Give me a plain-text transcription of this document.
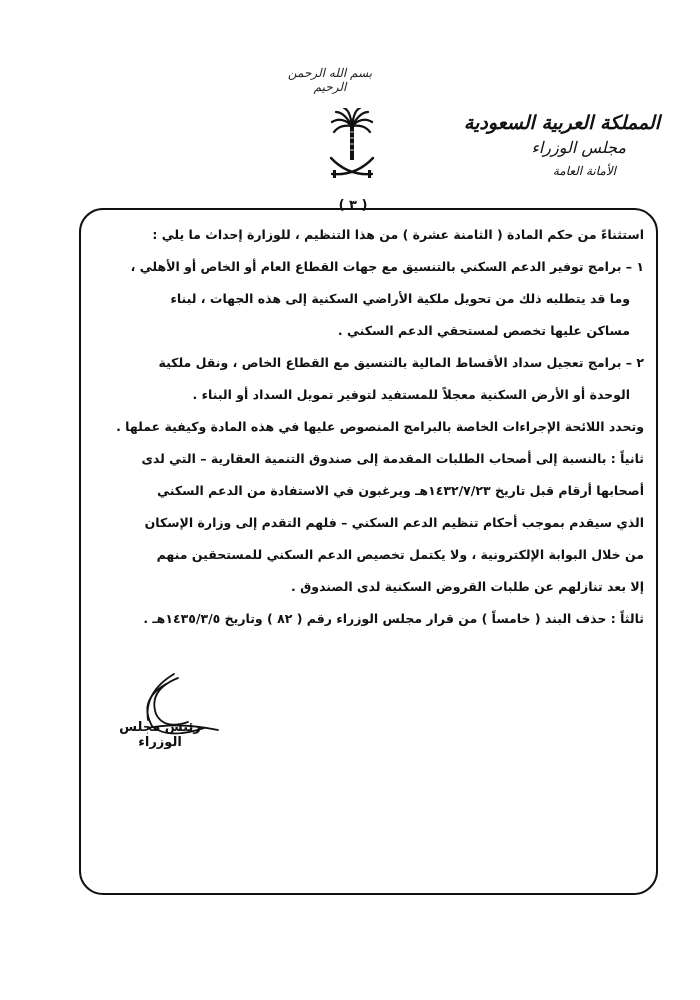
بسم الله الرحمن الرحيم
المملكة العربية السعودية
مجلس الوزراء
الأمانة العامة
( ٣ )

استثناءً من حكم المادة ( الثامنة عشرة ) من هذا التنظيم ، للوزارة إحداث ما يلي :

١ – برامج توفير الدعم السكني بالتنسيق مع جهات القطاع العام أو الخاص أو الأهلي ،

وما قد يتطلبه ذلك من تحويل ملكية الأراضي السكنية إلى هذه الجهات ، لبناء

مساكن عليها تخصص لمستحقي الدعم السكني .

٢ – برامج تعجيل سداد الأقساط المالية بالتنسيق مع القطاع الخاص ، ونقل ملكية

الوحدة أو الأرض السكنية معجلاً للمستفيد لتوفير تمويل السداد أو البناء .

وتحدد اللائحة الإجراءات الخاصة بالبرامج المنصوص عليها في هذه المادة وكيفية عملها .

ثانياً : بالنسبة إلى أصحاب الطلبات المقدمة إلى صندوق التنمية العقارية – التي لدى

أصحابها أرقام قبل تاريخ ١٤٣٢/٧/٢٣هـ ويرغبون في الاستفادة من الدعم السكني

الذي سيقدم بموجب أحكام تنظيم الدعم السكني – فلهم التقدم إلى وزارة الإسكان

من خلال البوابة الإلكترونية ، ولا يكتمل تخصيص الدعم السكني للمستحقين منهم

إلا بعد تنازلهم عن طلبات القروض السكنية لدى الصندوق .

ثالثاً : حذف البند ( خامساً ) من قرار مجلس الوزراء رقم ( ٨٢ ) وتاريخ ١٤٣٥/٣/٥هـ .

رئيس مجلس الوزراء
